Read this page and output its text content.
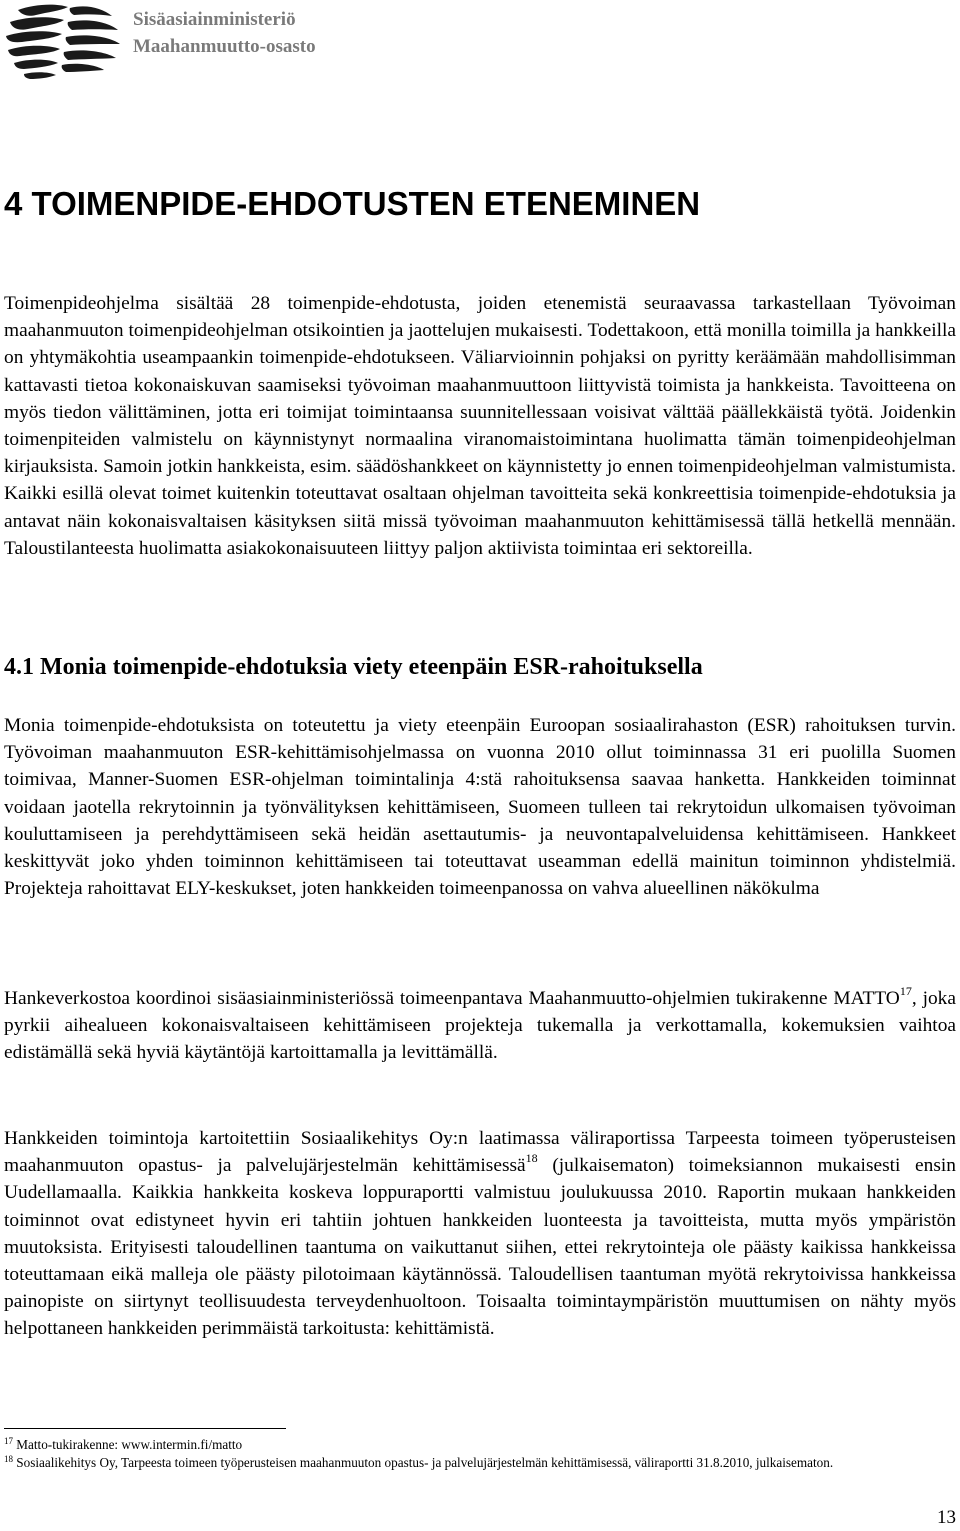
Sisäasiainministeriö
Maahanmuutto-osasto
4 TOIMENPIDE-EHDOTUSTEN ETENEMINEN

Toimenpideohjelma sisältää 28 toimenpide-ehdotusta, joiden etenemistä seuraavassa tarkastellaan Työvoiman maahanmuuton toimenpideohjelman otsikointien ja jaottelujen mukaisesti. Todettakoon, että monilla toimilla ja hankkeilla on yhtymäkohtia useampaankin toimenpide-ehdotukseen. Väliarvioinnin pohjaksi on pyritty keräämään mahdollisimman kattavasti tietoa kokonaiskuvan saamiseksi työvoiman maahanmuuttoon liittyvistä toimista ja hankkeista. Tavoitteena on myös tiedon välittäminen, jotta eri toimijat toimintaansa suunnitellessaan voisivat välttää päällekkäistä työtä. Joidenkin toimenpiteiden valmistelu on käynnistynyt normaalina viranomaistoimintana huolimatta tämän toimenpideohjelman kirjauksista. Samoin jotkin hankkeista, esim. säädöshankkeet on käynnistetty jo ennen toimenpideohjelman valmistumista. Kaikki esillä olevat toimet kuitenkin toteuttavat osaltaan ohjelman tavoitteita sekä konkreettisia toimenpide-ehdotuksia ja antavat näin kokonaisvaltaisen käsityksen siitä missä työvoiman maahanmuuton kehittämisessä tällä hetkellä mennään. Taloustilanteesta huolimatta asiakokonaisuuteen liittyy paljon aktiivista toimintaa eri sektoreilla.

4.1 Monia toimenpide-ehdotuksia viety eteenpäin ESR-rahoituksella

Monia toimenpide-ehdotuksista on toteutettu ja viety eteenpäin Euroopan sosiaalirahaston (ESR) rahoituksen turvin. Työvoiman maahanmuuton ESR-kehittämisohjelmassa on vuonna 2010 ollut toiminnassa 31 eri puolilla Suomen toimivaa, Manner-Suomen ESR-ohjelman toimintalinja 4:stä rahoituksensa saavaa hanketta. Hankkeiden toiminnat voidaan jaotella rekrytoinnin ja työnvälityksen kehittämiseen, Suomeen tulleen tai rekrytoidun ulkomaisen työvoiman kouluttamiseen ja perehdyttämiseen sekä heidän asettautumis- ja neuvontapalveluidensa kehittämiseen. Hankkeet keskittyvät joko yhden toiminnon kehittämiseen tai toteuttavat useamman edellä mainitun toiminnon yhdistelmiä. Projekteja rahoittavat ELY-keskukset, joten hankkeiden toimeenpanossa on vahva alueellinen näkökulma

Hankeverkostoa koordinoi sisäasiainministeriössä toimeenpantava Maahanmuutto-ohjelmien tukirakenne MATTO$^{17}$, joka pyrkii aihealueen kokonaisvaltaiseen kehittämiseen projekteja tukemalla ja verkottamalla, kokemuksien vaihtoa edistämällä sekä hyviä käytäntöjä kartoittamalla ja levittämällä.

Hankkeiden toimintoja kartoitettiin Sosiaalikehitys Oy:n laatimassa väliraportissa Tarpeesta toimeen työperusteisen maahanmuuton opastus- ja palvelujärjestelmän kehittämisessä$^{18}$ (julkaisematon) toimeksiannon mukaisesti ensin Uudellamaalla. Kaikkia hankkeita koskeva loppuraportti valmistuu joulukuussa 2010. Raportin mukaan hankkeiden toiminnot ovat edistyneet hyvin eri tahtiin johtuen hankkeiden luonteesta ja tavoitteista, mutta myös ympäristön muutoksista. Erityisesti taloudellinen taantuma on vaikuttanut siihen, ettei rekrytointeja ole päästy kaikissa hankkeissa toteuttamaan eikä malleja ole päästy pilotoimaan käytännössä. Taloudellisen taantuman myötä rekrytoivissa hankkeissa painopiste on siirtynyt teollisuudesta terveydenhuoltoon. Toisaalta toimintaympäristön muuttumisen on nähty myös helpottaneen hankkeiden perimmäistä tarkoitusta: kehittämistä.

$^{17}$ Matto-tukirakenne: www.intermin.fi/matto

$^{18}$ Sosiaalikehitys Oy, Tarpeesta toimeen työperusteisen maahanmuuton opastus- ja palvelujärjestelmän kehittämisessä, väliraportti 31.8.2010, julkaisematon.

13
